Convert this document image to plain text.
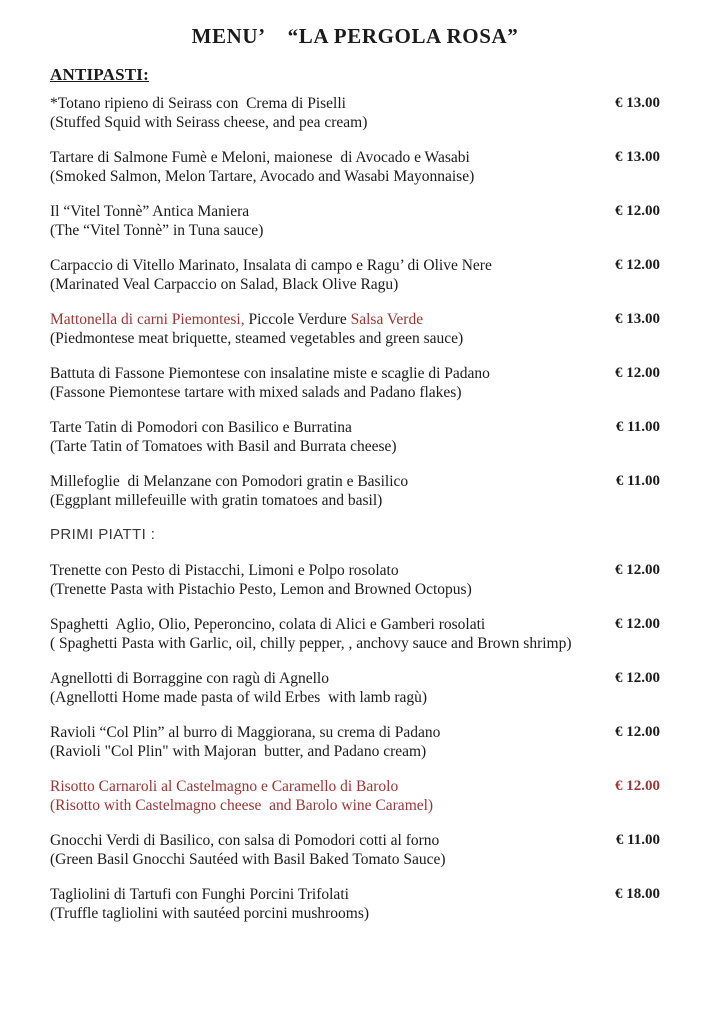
MENU’    “LA PERGOLA ROSA”
ANTIPASTI:
*Totano ripieno di Seirass con  Crema di Piselli
(Stuffed Squid with Seirass cheese, and pea cream)
€ 13.00
Tartare di Salmone Fumè e Meloni, maionese  di Avocado e Wasabi
(Smoked Salmon, Melon Tartare, Avocado and Wasabi Mayonnaise)
€ 13.00
Il “Vitel Tonnè” Antica Maniera
(The “Vitel Tonnè” in Tuna sauce)
€ 12.00
Carpaccio di Vitello Marinato, Insalata di campo e Ragu’ di Olive Nere
(Marinated Veal Carpaccio on Salad, Black Olive Ragu)
€ 12.00
Mattonella di carni Piemontesi, Piccole Verdure Salsa Verde
(Piedmontese meat briquette, steamed vegetables and green sauce)
€ 13.00
Battuta di Fassone Piemontese con insalatine miste e scaglie di Padano
(Fassone Piemontese tartare with mixed salads and Padano flakes)
€ 12.00
Tarte Tatin di Pomodori con Basilico e Burratina
(Tarte Tatin of Tomatoes with Basil and Burrata cheese)
€ 11.00
Millefoglie  di Melanzane con Pomodori gratin e Basilico
(Eggplant millefeuille with gratin tomatoes and basil)
€ 11.00
PRIMI PIATTI :
Trenette con Pesto di Pistacchi, Limoni e Polpo rosolato
(Trenette Pasta with Pistachio Pesto, Lemon and Browned Octopus)
€ 12.00
Spaghetti  Aglio, Olio, Peperoncino, colata di Alici e Gamberi rosolati
( Spaghetti Pasta with Garlic, oil, chilly pepper, , anchovy sauce and Brown shrimp)
€ 12.00
Agnellotti di Borraggine con ragù di Agnello
(Agnellotti Home made pasta of wild Erbes  with lamb ragù)
€ 12.00
Ravioli “Col Plin” al burro di Maggiorana, su crema di Padano
(Ravioli "Col Plin" with Majoran  butter, and Padano cream)
€ 12.00
Risotto Carnaroli al Castelmagno e Caramello di Barolo
(Risotto with Castelmagno cheese  and Barolo wine Caramel)
€ 12.00
Gnocchi Verdi di Basilico, con salsa di Pomodori cotti al forno
(Green Basil Gnocchi Sautéed with Basil Baked Tomato Sauce)
€ 11.00
Tagliolini di Tartufi con Funghi Porcini Trifolati
(Truffle tagliolini with sautéed porcini mushrooms)
€ 18.00
